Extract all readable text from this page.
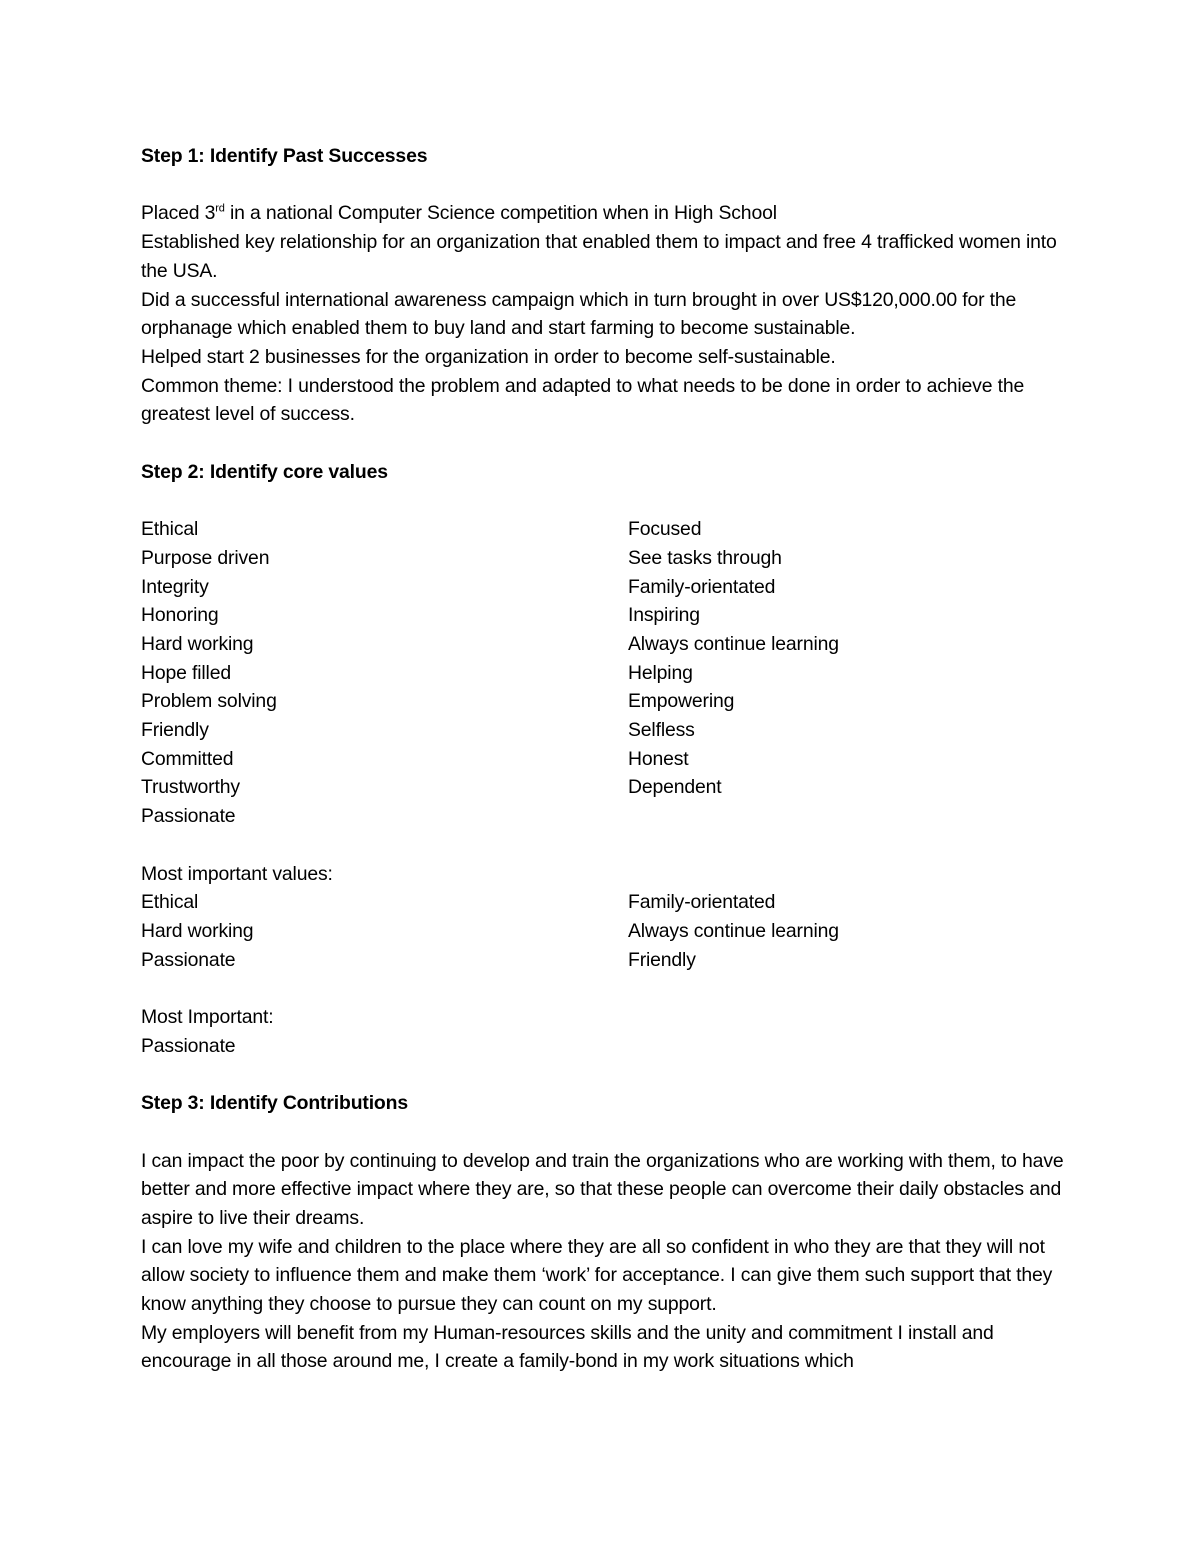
Step 1: Identify Past Successes

Placed 3rd in a national Computer Science competition when in High School

Established key relationship for an organization that enabled them to impact and free 4 trafficked women into the USA.

Did a successful international awareness campaign which in turn brought in over US$120,000.00 for the orphanage which enabled them to buy land and start farming to become sustainable.

Helped start 2 businesses for the organization in order to become self-sustainable.

Common theme: I understood the problem and adapted to what needs to be done in order to achieve the greatest level of success.

Step 2: Identify core values

Ethical

Purpose driven

Integrity

Honoring

Hard working

Hope filled

Problem solving

Friendly

Committed

Trustworthy

Passionate

Focused

See tasks through

Family-orientated

Inspiring

Always continue learning

Helping

Empowering

Selfless

Honest

Dependent

Most important values:

Ethical

Hard working

Passionate

Family-orientated

Always continue learning

Friendly

Most Important:

Passionate

Step 3: Identify Contributions

I can impact the poor by continuing to develop and train the organizations who are working with them, to have better and more effective impact where they are, so that these people can overcome their daily obstacles and aspire to live their dreams.

I can love my wife and children to the place where they are all so confident in who they are that they will not allow society to influence them and make them ‘work’ for acceptance. I can give them such support that they know anything they choose to pursue they can count on my support.

My employers will benefit from my Human-resources skills and the unity and commitment I install and encourage in all those around me, I create a family-bond in my work situations which
